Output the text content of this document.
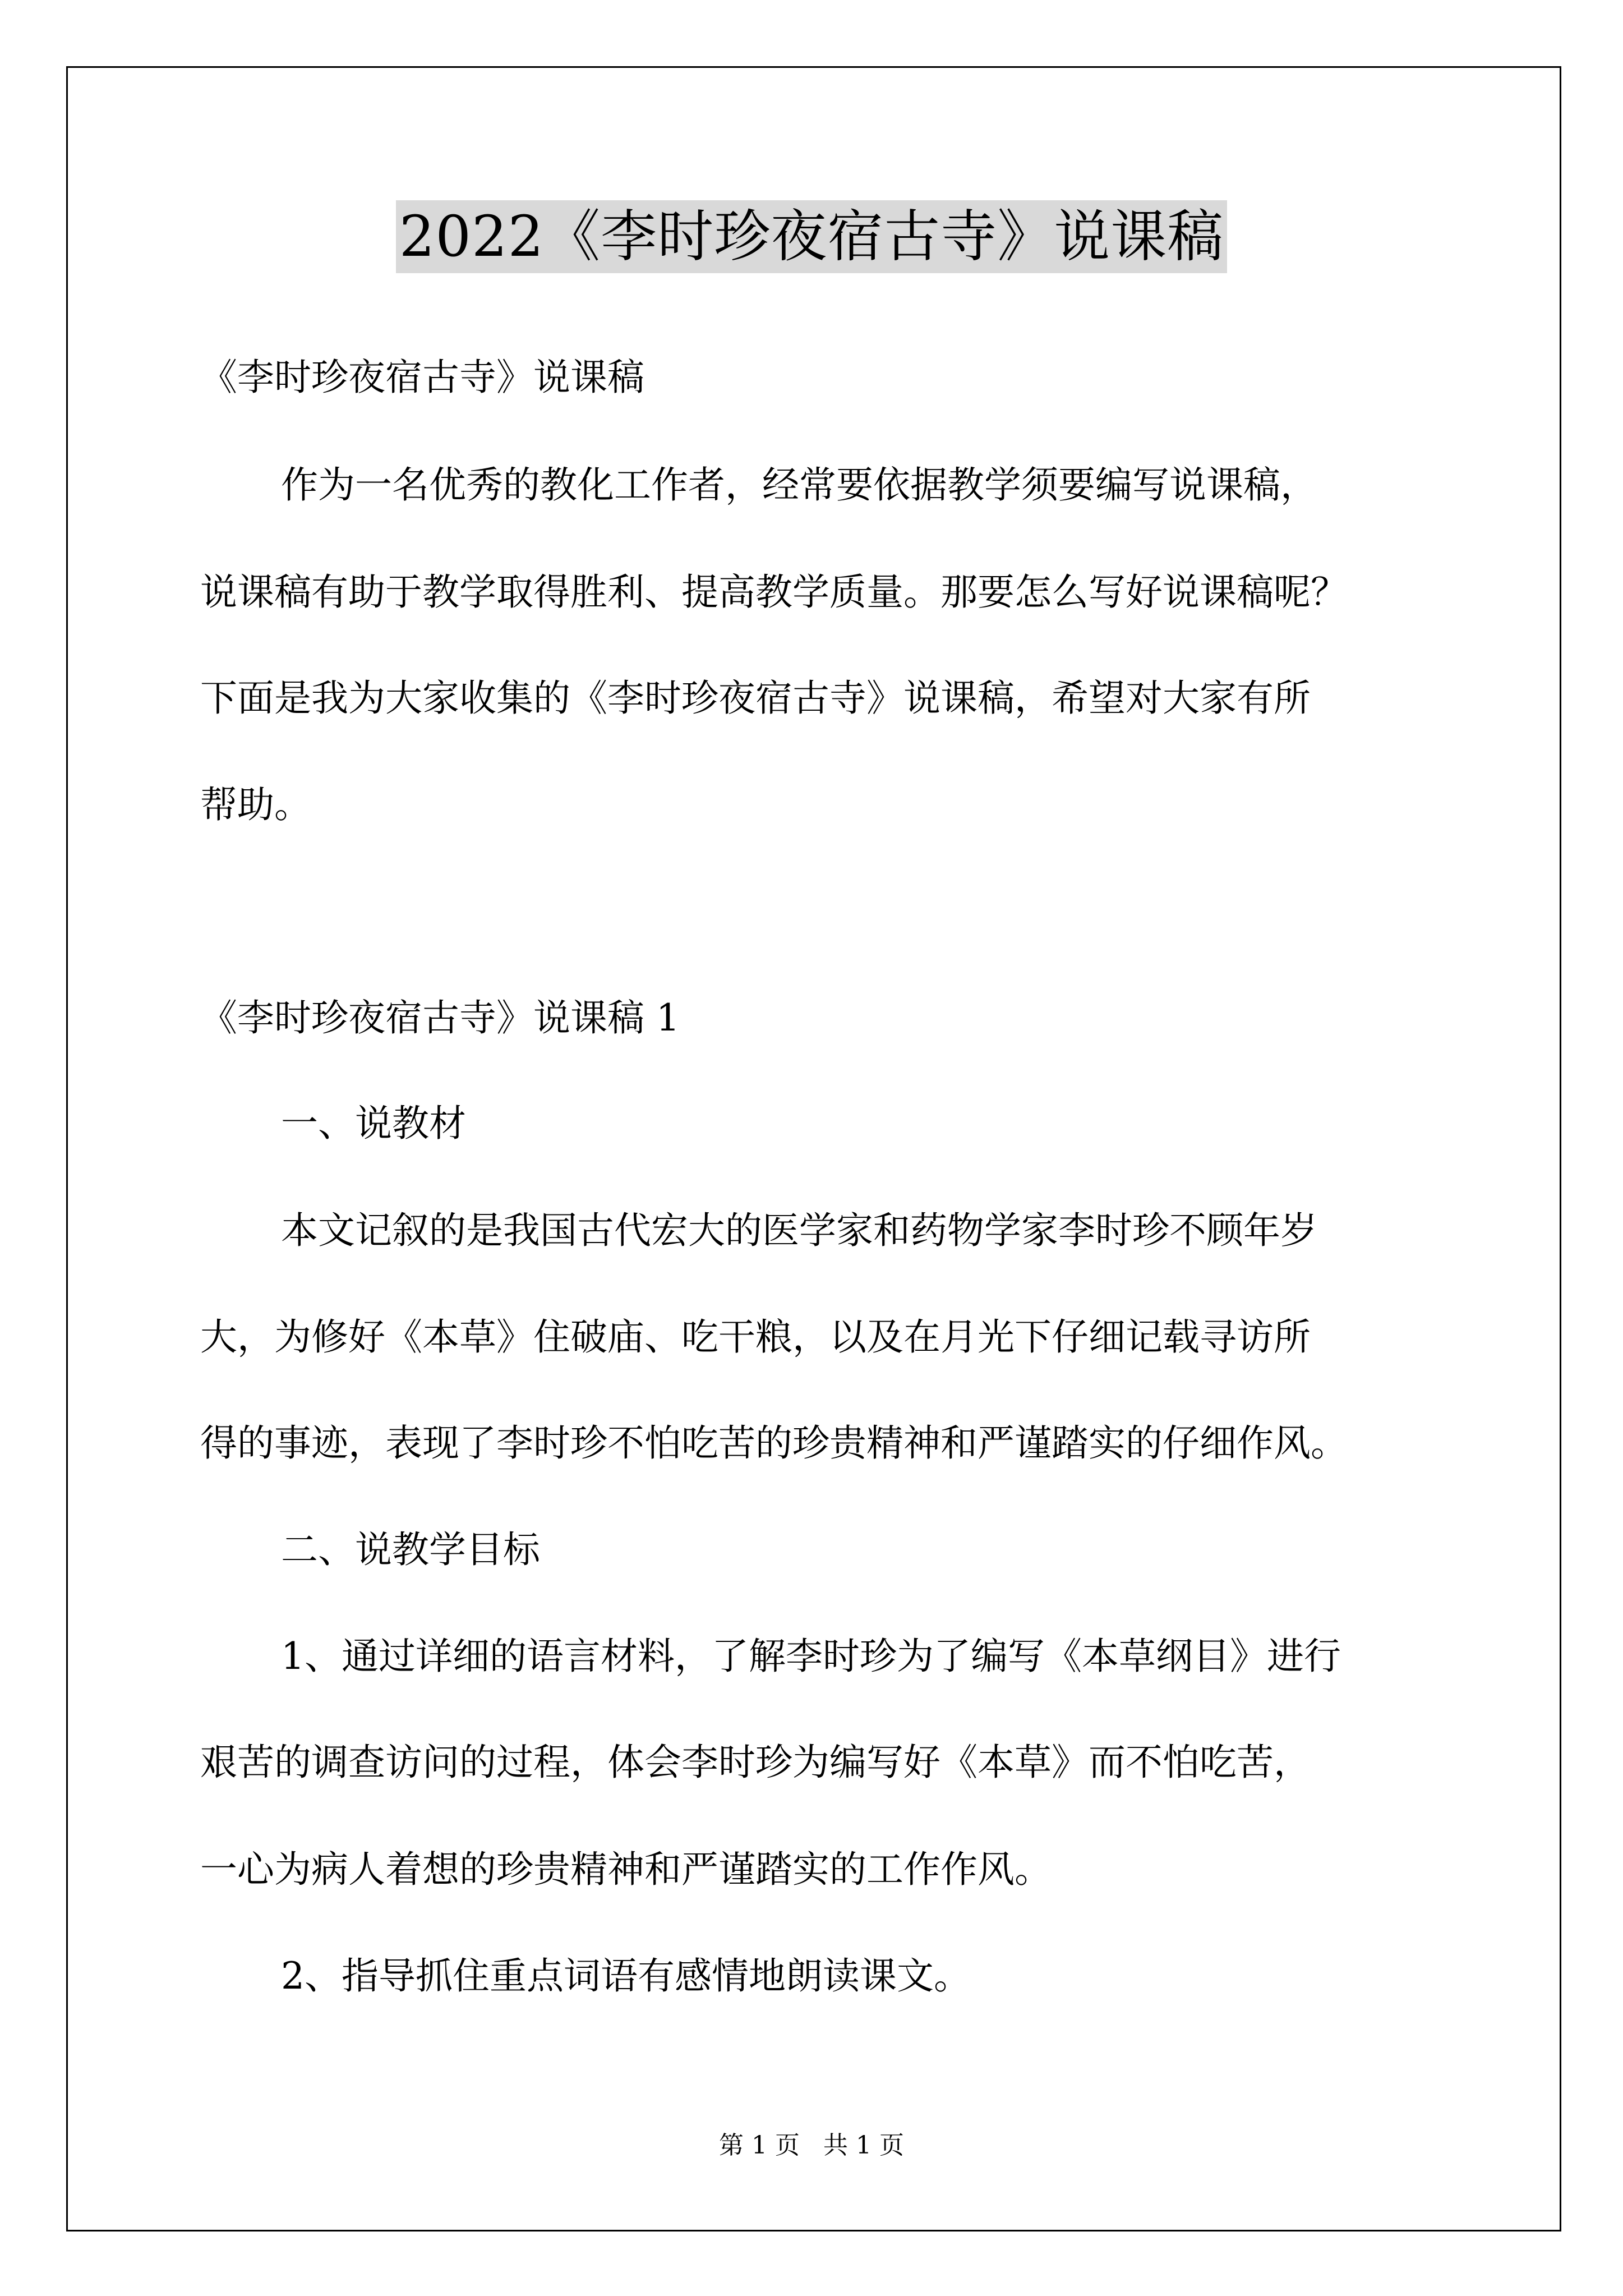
2022《李时珍夜宿古寺》说课稿
《李时珍夜宿古寺》说课稿
作为一名优秀的教化工作者，经常要依据教学须要编写说课稿，
说课稿有助于教学取得胜利、提高教学质量。那要怎么写好说课稿呢？
下面是我为大家收集的《李时珍夜宿古寺》说课稿，希望对大家有所
帮助。
《李时珍夜宿古寺》说课稿 1
一、说教材
本文记叙的是我国古代宏大的医学家和药物学家李时珍不顾年岁
大，为修好《本草》住破庙、吃干粮，以及在月光下仔细记载寻访所
得的事迹，表现了李时珍不怕吃苦的珍贵精神和严谨踏实的仔细作风。
二、说教学目标
1、通过详细的语言材料，了解李时珍为了编写《本草纲目》进行
艰苦的调查访问的过程，体会李时珍为编写好《本草》而不怕吃苦，
一心为病人着想的珍贵精神和严谨踏实的工作作风。
2、指导抓住重点词语有感情地朗读课文。
第 1 页   共 1 页
